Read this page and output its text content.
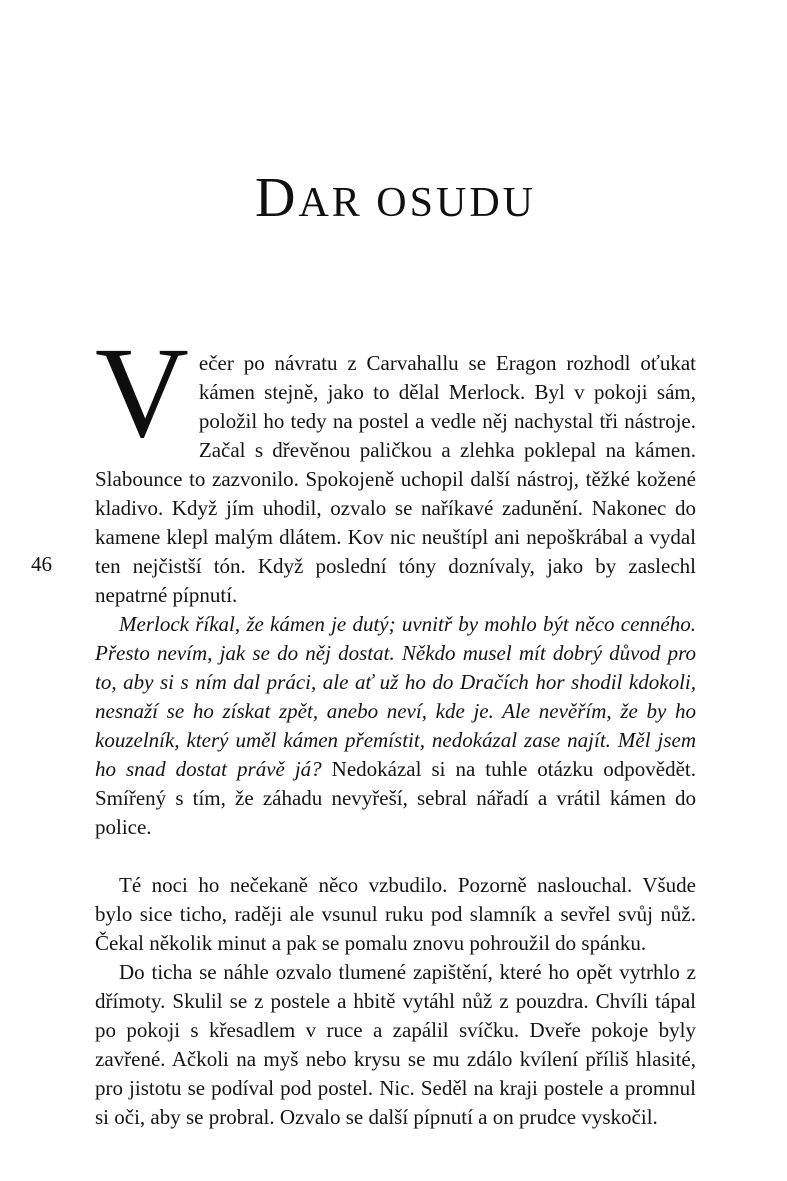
46
DAR OSUDU

Večer po návratu z Carvahallu se Eragon rozhodl oťukat kámen stejně, jako to dělal Merlock. Byl v pokoji sám, položil ho tedy na postel a vedle něj nachystal tři nástroje. Začal s dřevěnou paličkou a zlehka poklepal na kámen. Slabounce to zazvonilo. Spokojeně uchopil další nástroj, těžké kožené kladivo. Když jím uhodil, ozvalo se naříkavé zadunění. Nakonec do kamene klepl malým dlátem. Kov nic neuštípl ani nepoškrábal a vydal ten nejčistší tón. Když poslední tóny doznívaly, jako by zaslechl nepatrné pípnutí.

Merlock říkal, že kámen je dutý; uvnitř by mohlo být něco cenného. Přesto nevím, jak se do něj dostat. Někdo musel mít dobrý důvod pro to, aby si s ním dal práci, ale ať už ho do Dračích hor shodil kdokoli, nesnaží se ho získat zpět, anebo neví, kde je. Ale nevěřím, že by ho kouzelník, který uměl kámen přemístit, nedokázal zase najít. Měl jsem ho snad dostat právě já? Nedokázal si na tuhle otázku odpovědět. Smířený s tím, že záhadu nevyřeší, sebral nářadí a vrátil kámen do police.

Té noci ho nečekaně něco vzbudilo. Pozorně naslouchal. Všude bylo sice ticho, raději ale vsunul ruku pod slamník a sevřel svůj nůž. Čekal několik minut a pak se pomalu znovu pohroužil do spánku.

Do ticha se náhle ozvalo tlumené zapištění, které ho opět vytrhlo z dřímoty. Skulil se z postele a hbitě vytáhl nůž z pouzdra. Chvíli tápal po pokoji s křesadlem v ruce a zapálil svíčku. Dveře pokoje byly zavřené. Ačkoli na myš nebo krysu se mu zdálo kvílení příliš hlasité, pro jistotu se podíval pod postel. Nic. Seděl na kraji postele a promnul si oči, aby se probral. Ozvalo se další pípnutí a on prudce vyskočil.
